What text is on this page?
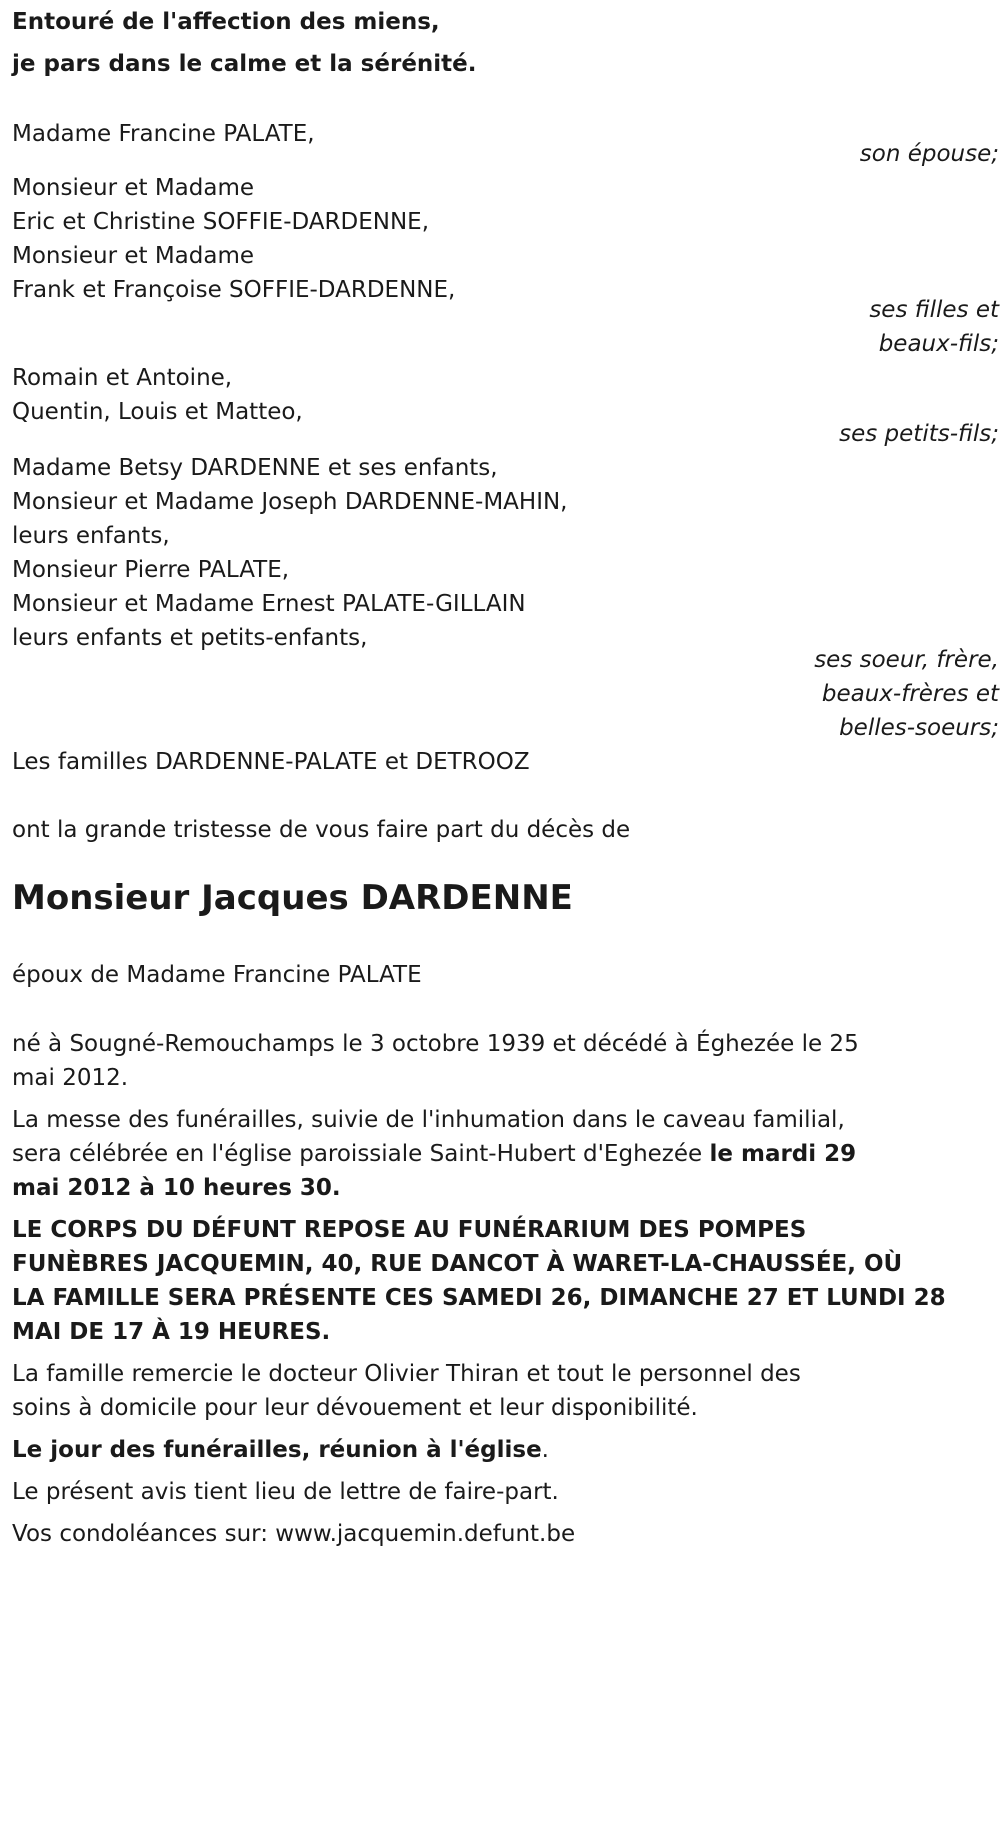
Entouré de l'affection des miens,
je pars dans le calme et la sérénité.
Madame Francine PALATE,
son épouse;
Monsieur et Madame
Eric et Christine SOFFIE-DARDENNE,
Monsieur et Madame
Frank et Françoise SOFFIE-DARDENNE,
ses filles et
beaux-fils;
Romain et Antoine,
Quentin, Louis et Matteo,
ses petits-fils;
Madame Betsy DARDENNE et ses enfants,
Monsieur et Madame Joseph DARDENNE-MAHIN,
leurs enfants,
Monsieur Pierre PALATE,
Monsieur et Madame Ernest PALATE-GILLAIN
leurs enfants et petits-enfants,
ses soeur, frère,
beaux-frères et
belles-soeurs;
Les familles DARDENNE-PALATE et DETROOZ
ont la grande tristesse de vous faire part du décès de
Monsieur Jacques DARDENNE
époux de Madame Francine PALATE
né à Sougné-Remouchamps le 3 octobre 1939 et décédé à Éghezée le 25
mai 2012.
La messe des funérailles, suivie de l'inhumation dans le caveau familial,
sera célébrée en l'église paroissiale Saint-Hubert d'Eghezée le mardi 29
mai 2012 à 10 heures 30.
LE CORPS DU DÉFUNT REPOSE AU FUNÉRARIUM DES POMPES
FUNÈBRES JACQUEMIN, 40, RUE DANCOT À WARET-LA-CHAUSSÉE, OÙ
LA FAMILLE SERA PRÉSENTE CES SAMEDI 26, DIMANCHE 27 ET LUNDI 28
MAI DE 17 À 19 HEURES.
La famille remercie le docteur Olivier Thiran et tout le personnel des
soins à domicile pour leur dévouement et leur disponibilité.
Le jour des funérailles, réunion à l'église.
Le présent avis tient lieu de lettre de faire-part.
Vos condoléances sur: www.jacquemin.defunt.be
